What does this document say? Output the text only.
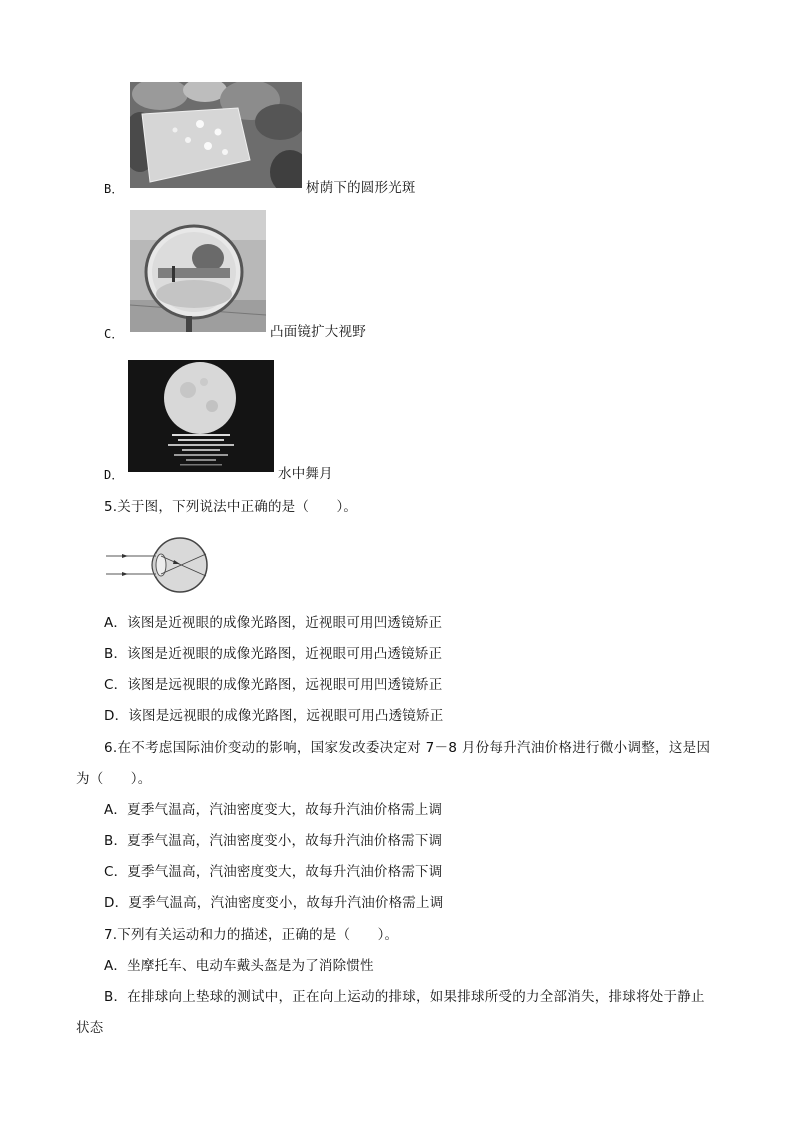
B．	树荫下的圆形光斑
C．	凸面镜扩大视野
D．	水中舞月
5.关于图，下列说法中正确的是（　　）。
A．该图是近视眼的成像光路图，近视眼可用凹透镜矫正
B．该图是近视眼的成像光路图，近视眼可用凸透镜矫正
C．该图是远视眼的成像光路图，远视眼可用凹透镜矫正
D．该图是远视眼的成像光路图，远视眼可用凸透镜矫正
6.在不考虑国际油价变动的影响，国家发改委决定对 7－8 月份每升汽油价格进行微小调整，这是因
为（　　）。
A．夏季气温高，汽油密度变大，故每升汽油价格需上调
B．夏季气温高，汽油密度变小，故每升汽油价格需下调
C．夏季气温高，汽油密度变大，故每升汽油价格需下调
D．夏季气温高，汽油密度变小，故每升汽油价格需上调
7.下列有关运动和力的描述，正确的是（　　）。
A．坐摩托车、电动车戴头盔是为了消除惯性
B．在排球向上垫球的测试中，正在向上运动的排球，如果排球所受的力全部消失，排球将处于静止
状态
